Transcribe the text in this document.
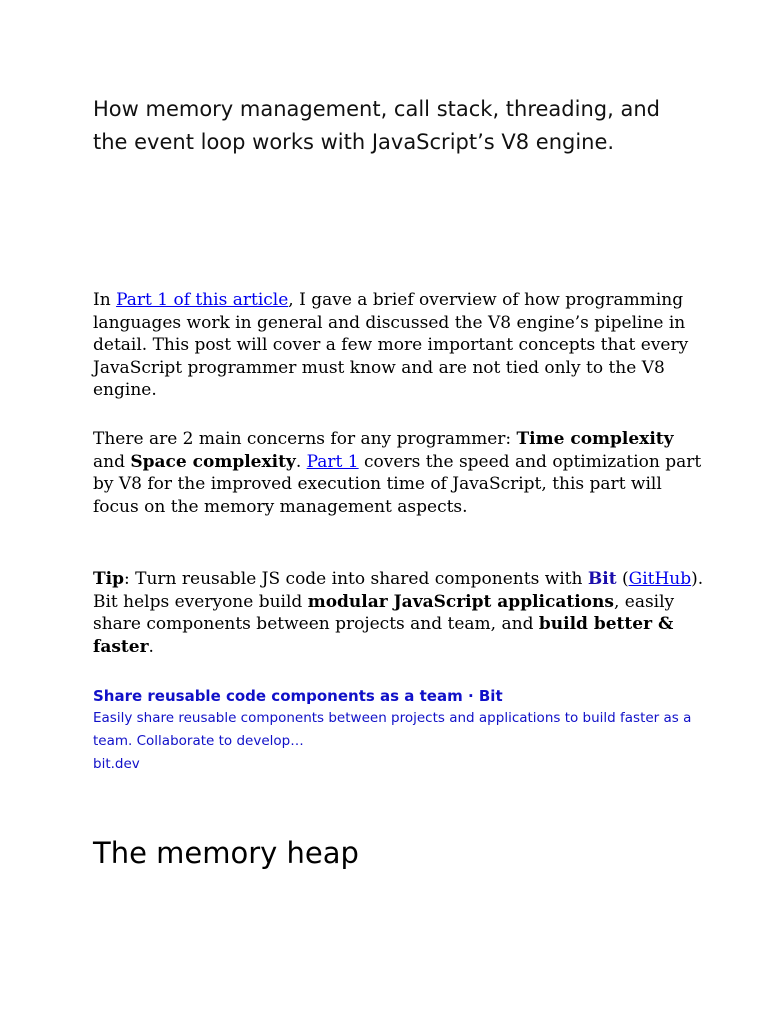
How memory management, call stack, threading, and the event loop works with JavaScript’s V8 engine.

In Part 1 of this article, I gave a brief overview of how programming languages work in general and discussed the V8 engine’s pipeline in detail. This post will cover a few more important concepts that every JavaScript programmer must know and are not tied only to the V8 engine.

There are 2 main concerns for any programmer: Time complexity and Space complexity. Part 1 covers the speed and optimization part by V8 for the improved execution time of JavaScript, this part will focus on the memory management aspects.

Tip: Turn reusable JS code into shared components with Bit (GitHub). Bit helps everyone build modular JavaScript applications, easily share components between projects and team, and build better & faster.

Share reusable code components as a team · Bit
Easily share reusable components between projects and applications to build faster as a team. Collaborate to develop…
bit.dev
The memory heap
